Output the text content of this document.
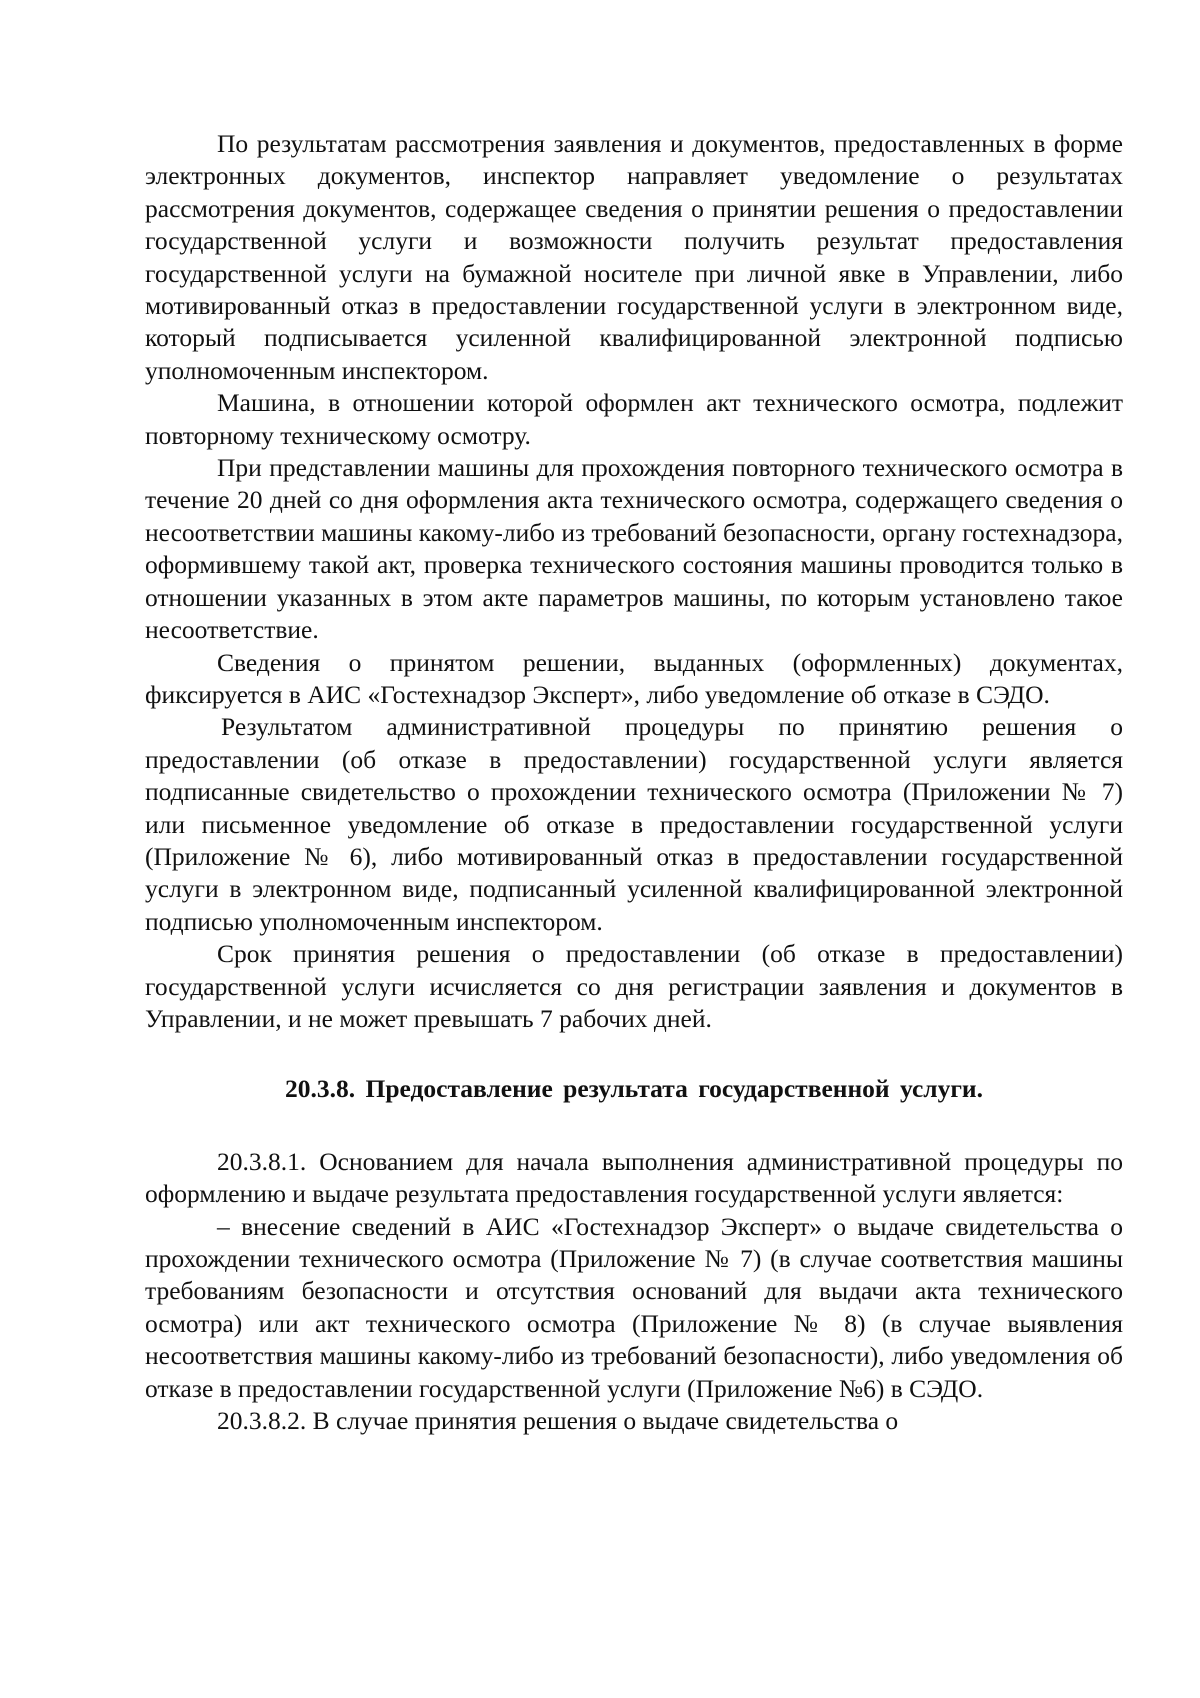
По результатам рассмотрения заявления и документов, предоставленных в форме электронных документов, инспектор направляет уведомление о результатах рассмотрения документов, содержащее сведения о принятии решения о предоставлении государственной услуги и возможности получить результат предоставления государственной услуги на бумажной носителе при личной явке в Управлении, либо мотивированный отказ в предоставлении государственной услуги в электронном виде, который подписывается усиленной квалифицированной электронной подписью уполномоченным инспектором.

Машина, в отношении которой оформлен акт технического осмотра, подлежит повторному техническому осмотру.

При представлении машины для прохождения повторного технического осмотра в течение 20 дней со дня оформления акта технического осмотра, содержащего сведения о несоответствии машины какому-либо из требований безопасности, органу гостехнадзора, оформившему такой акт, проверка технического состояния машины проводится только в отношении указанных в этом акте параметров машины, по которым установлено такое несоответствие.

Сведения о принятом решении, выданных (оформленных) документах, фиксируется в АИС «Гостехнадзор Эксперт», либо уведомление об отказе в СЭДО.

Результатом административной процедуры по принятию решения о предоставлении (об отказе в предоставлении) государственной услуги является подписанные свидетельство о прохождении технического осмотра (Приложении № 7) или письменное уведомление об отказе в предоставлении государственной услуги (Приложение № 6), либо мотивированный отказ в предоставлении государственной услуги в электронном виде, подписанный усиленной квалифицированной электронной подписью уполномоченным инспектором.

Срок принятия решения о предоставлении (об отказе в предоставлении) государственной услуги исчисляется со дня регистрации заявления и документов в Управлении, и не может превышать 7 рабочих дней.

20.3.8. Предоставление результата государственной услуги.

20.3.8.1. Основанием для начала выполнения административной процедуры по оформлению и выдаче результата предоставления государственной услуги является:

– внесение сведений в АИС «Гостехнадзор Эксперт» о выдаче свидетельства о прохождении технического осмотра (Приложение № 7) (в случае соответствия машины требованиям безопасности и отсутствия оснований для выдачи акта технического осмотра) или акт технического осмотра (Приложение № 8) (в случае выявления несоответствия машины какому-либо из требований безопасности), либо уведомления об отказе в предоставлении государственной услуги (Приложение №6) в СЭДО.

20.3.8.2. В случае принятия решения о выдаче свидетельства о
